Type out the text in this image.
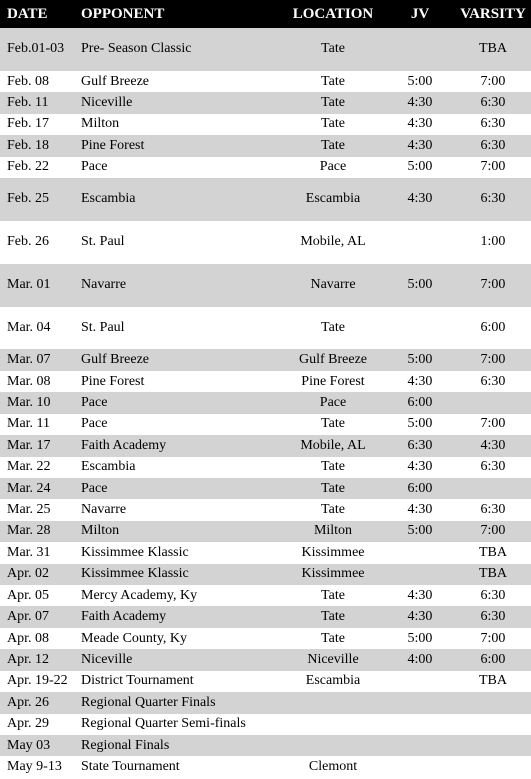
DATE	OPPONENT	LOCATION	JV	VARSITY
Feb.01-03	Pre- Season Classic	Tate		TBA
Feb. 08	Gulf Breeze	Tate	5:00	7:00
Feb. 11	Niceville	Tate	4:30	6:30
Feb. 17	Milton	Tate	4:30	6:30
Feb. 18	Pine Forest	Tate	4:30	6:30
Feb. 22	Pace	Pace	5:00	7:00
Feb. 25	Escambia	Escambia	4:30	6:30
Feb. 26	St. Paul	Mobile, AL		1:00
Mar. 01	Navarre	Navarre	5:00	7:00
Mar. 04	St. Paul	Tate		6:00
Mar. 07	Gulf Breeze	Gulf Breeze	5:00	7:00
Mar. 08	Pine Forest	Pine Forest	4:30	6:30
Mar. 10	Pace	Pace	6:00	
Mar. 11	Pace	Tate	5:00	7:00
Mar. 17	Faith Academy	Mobile, AL	6:30	4:30
Mar. 22	Escambia	Tate	4:30	6:30
Mar. 24	Pace	Tate	6:00	
Mar. 25	Navarre	Tate	4:30	6:30
Mar. 28	Milton	Milton	5:00	7:00
Mar. 31	Kissimmee Klassic	Kissimmee		TBA
Apr. 02	Kissimmee Klassic	Kissimmee		TBA
Apr. 05	Mercy Academy, Ky	Tate	4:30	6:30
Apr. 07	Faith Academy	Tate	4:30	6:30
Apr. 08	Meade County, Ky	Tate	5:00	7:00
Apr. 12	Niceville	Niceville	4:00	6:00
Apr. 19-22	District Tournament	Escambia		TBA
Apr. 26	Regional Quarter Finals			
Apr. 29	Regional Quarter Semi-finals			
May 03	Regional Finals			
May 9-13	State Tournament	Clemont		
